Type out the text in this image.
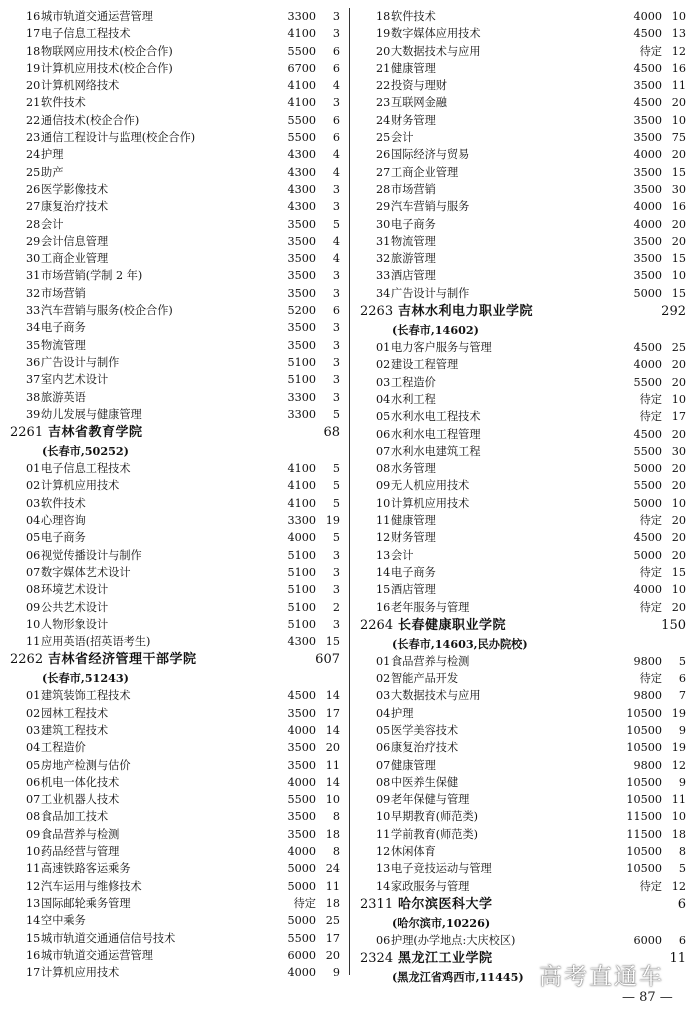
16 城市轨道交通运营管理	3300	3
17 电子信息工程技术	4100	3
18 物联网应用技术(校企合作)	5500	6
19 计算机应用技术(校企合作)	6700	6
20 计算机网络技术	4100	4
21 软件技术	4100	3
22 通信技术(校企合作)	5500	6
23 通信工程设计与监理(校企合作)	5500	6
24 护理	4300	4
25 助产	4300	4
26 医学影像技术	4300	3
27 康复治疗技术	4300	3
28 会计	3500	5
29 会计信息管理	3500	4
30 工商企业管理	3500	4
31 市场营销(学制 2 年)	3500	3
32 市场营销	3500	3
33 汽车营销与服务(校企合作)	5200	6
34 电子商务	3500	3
35 物流管理	3500	3
36 广告设计与制作	5100	3
37 室内艺术设计	5100	3
38 旅游英语	3300	3
39 幼儿发展与健康管理	3300	5
2261 吉林省教育学院	68
(长春市,50252)
01 电子信息工程技术	4100	5
02 计算机应用技术	4100	5
03 软件技术	4100	5
04 心理咨询	3300 19
05 电子商务	4000	5
06 视觉传播设计与制作	5100	3
07 数字媒体艺术设计	5100	3
08 环境艺术设计	5100	3
09 公共艺术设计	5100	2
10 人物形象设计	5100	3
11 应用英语(招英语考生)	4300 15
2262 吉林省经济管理干部学院	607
(长春市,51243)
01 建筑装饰工程技术	4500 14
02 园林工程技术	3500 17
03 建筑工程技术	4000 14
04 工程造价	3500 20
05 房地产检测与估价	3500 11
06 机电一体化技术	4000 14
07 工业机器人技术	5500 10
08 食品加工技术	3500	8
09 食品营养与检测	3500 18
10 药品经营与管理	4000	8
11 高速铁路客运乘务	5000 24
12 汽车运用与维修技术	5000 11
13 国际邮轮乘务管理	待定 18
14 空中乘务	5000 25
15 城市轨道交通通信信号技术	5500 17
16 城市轨道交通运营管理	6000 20
17 计算机应用技术	4000	9
18 软件技术	4000 10
19 数字媒体应用技术	4500 13
20 大数据技术与应用	待定 12
21 健康管理	4500 16
22 投资与理财	3500 11
23 互联网金融	4500 20
24 财务管理	3500 10
25 会计	3500 75
26 国际经济与贸易	4000 20
27 工商企业管理	3500 15
28 市场营销	3500 30
29 汽车营销与服务	4000 16
30 电子商务	4000 20
31 物流管理	3500 20
32 旅游管理	3500 15
33 酒店管理	3500 10
34 广告设计与制作	5000 15
2263 吉林水利电力职业学院	292
(长春市,14602)
01 电力客户服务与管理	4500 25
02 建设工程管理	4000 20
03 工程造价	5500 20
04 水利工程	待定 10
05 水利水电工程技术	待定 17
06 水利水电工程管理	4500 20
07 水利水电建筑工程	5500 30
08 水务管理	5000 20
09 无人机应用技术	5500 20
10 计算机应用技术	5000 10
11 健康管理	待定 20
12 财务管理	4500 20
13 会计	5000 20
14 电子商务	待定 15
15 酒店管理	4000 10
16 老年服务与管理	待定 20
2264 长春健康职业学院	150
(长春市,14603,民办院校)
01 食品营养与检测	9800	5
02 智能产品开发	待定	6
03 大数据技术与应用	9800	7
04 护理	10500 19
05 医学美容技术	10500	9
06 康复治疗技术	10500 19
07 健康管理	9800 12
08 中医养生保健	10500	9
09 老年保健与管理	10500 11
10 早期教育(师范类)	11500 10
11 学前教育(师范类)	11500 18
12 休闲体育	10500	8
13 电子竞技运动与管理	10500	5
14 家政服务与管理	待定 12
2311 哈尔滨医科大学	6
(哈尔滨市,10226)
06 护理(办学地点:大庆校区)	6000	6
2324 黑龙江工业学院	11
(黑龙江省鸡西市,11445) 高考直通车
— 87 —
